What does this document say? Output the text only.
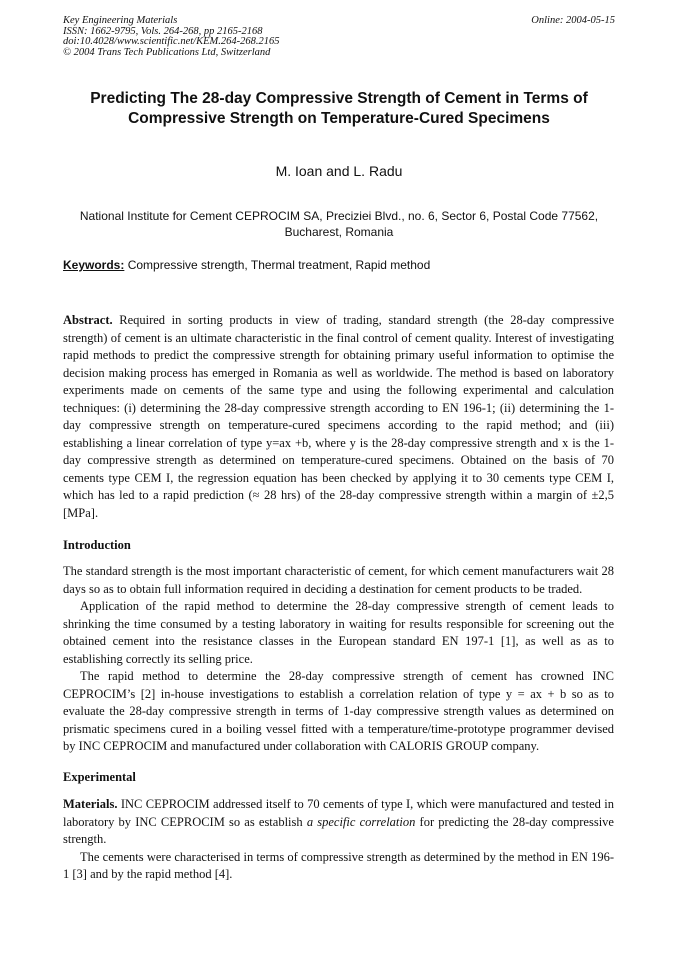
Key Engineering Materials
ISSN: 1662-9795, Vols. 264-268, pp 2165-2168
doi:10.4028/www.scientific.net/KEM.264-268.2165
© 2004 Trans Tech Publications Ltd, Switzerland
Online: 2004-05-15
Predicting The 28-day Compressive Strength of Cement in Terms of Compressive Strength on Temperature-Cured Specimens
M. Ioan and L. Radu
National Institute for Cement CEPROCIM SA, Preciziei Blvd., no. 6, Sector 6, Postal Code 77562, Bucharest, Romania
Keywords: Compressive strength, Thermal treatment, Rapid method

Abstract. Required in sorting products in view of trading, standard strength (the 28-day compressive strength) of cement is an ultimate characteristic in the final control of cement quality. Interest of investigating rapid methods to predict the compressive strength for obtaining primary useful information to optimise the decision making process has emerged in Romania as well as worldwide. The method is based on laboratory experiments made on cements of the same type and using the following experimental and calculation techniques: (i) determining the 28-day compressive strength according to EN 196-1; (ii) determining the 1-day compressive strength on temperature-cured specimens according to the rapid method; and (iii) establishing a linear correlation of type y=ax +b, where y is the 28-day compressive strength and x is the 1-day compressive strength as determined on temperature-cured specimens. Obtained on the basis of 70 cements type CEM I, the regression equation has been checked by applying it to 30 cements type CEM I, which has led to a rapid prediction (≈ 28 hrs) of the 28-day compressive strength within a margin of ±2,5 [MPa].

Introduction

The standard strength is the most important characteristic of cement, for which cement manufacturers wait 28 days so as to obtain full information required in deciding a destination for cement products to be traded.

Application of the rapid method to determine the 28-day compressive strength of cement leads to shrinking the time consumed by a testing laboratory in waiting for results responsible for screening out the obtained cement into the resistance classes in the European standard EN 197-1 [1], as well as as to establishing correctly its selling price.

The rapid method to determine the 28-day compressive strength of cement has crowned INC CEPROCIM’s [2] in-house investigations to establish a correlation relation of type y = ax + b so as to evaluate the 28-day compressive strength in terms of 1-day compressive strength values as determined on prismatic specimens cured in a boiling vessel fitted with a temperature/time-prototype programmer devised by INC CEPROCIM and manufactured under collaboration with CALORIS GROUP company.

Experimental

Materials. INC CEPROCIM addressed itself to 70 cements of type I, which were manufactured and tested in laboratory by INC CEPROCIM so as establish a specific correlation for predicting the 28-day compressive strength.

The cements were characterised in terms of compressive strength as determined by the method in EN 196-1 [3] and by the rapid method [4].
